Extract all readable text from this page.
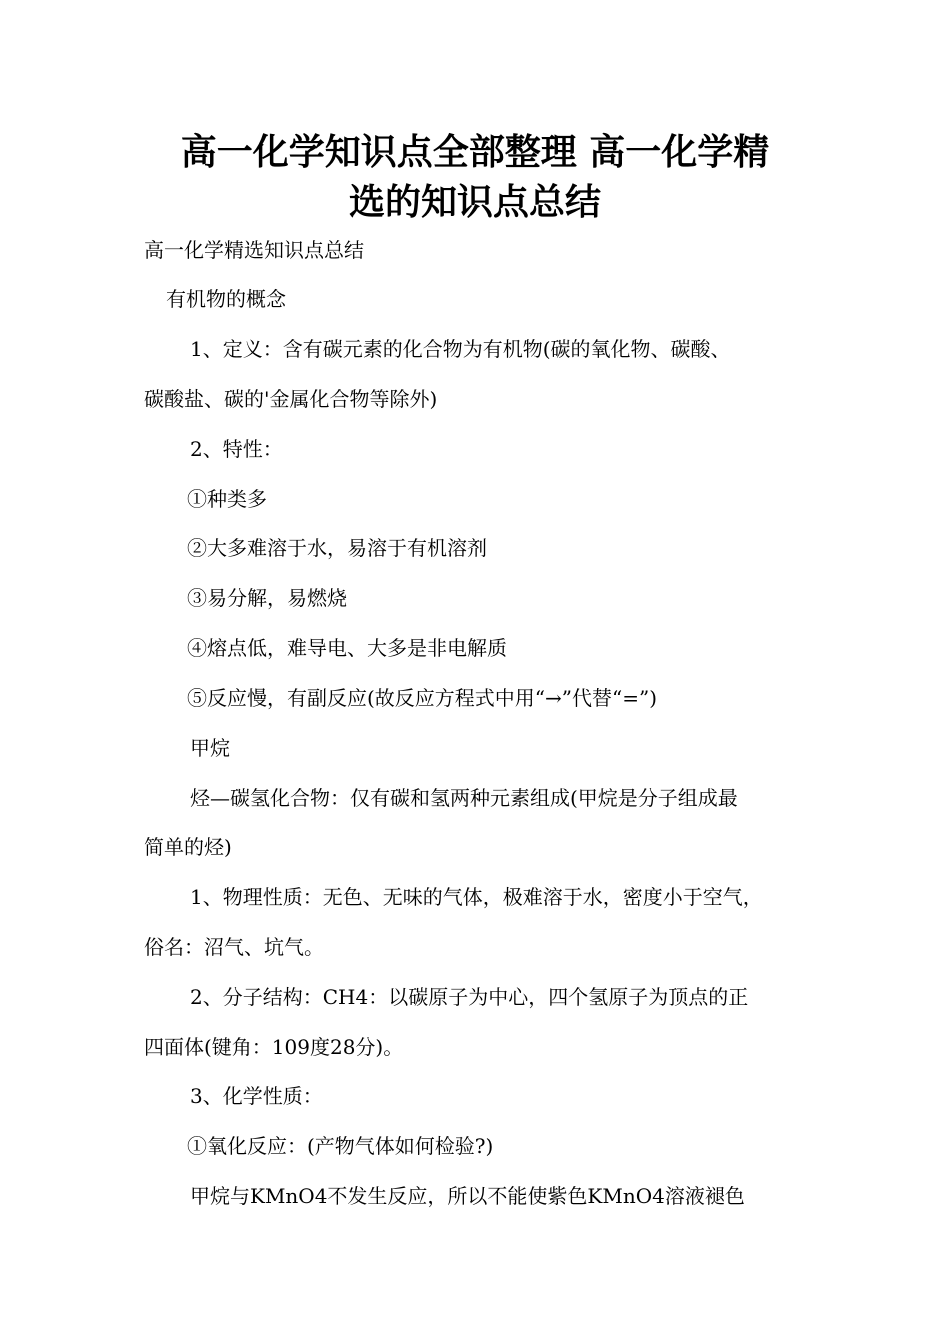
高一化学知识点全部整理 高一化学精
选的知识点总结

高一化学精选知识点总结

有机物的概念

1、定义：含有碳元素的化合物为有机物(碳的氧化物、碳酸、

碳酸盐、碳的'金属化合物等除外)

2、特性：

①种类多

②大多难溶于水，易溶于有机溶剂

③易分解，易燃烧

④熔点低，难导电、大多是非电解质

⑤反应慢，有副反应(故反应方程式中用“→”代替“=”)

甲烷

烃—碳氢化合物：仅有碳和氢两种元素组成(甲烷是分子组成最

简单的烃)

1、物理性质：无色、无味的气体，极难溶于水，密度小于空气，

俗名：沼气、坑气。

2、分子结构：CH4：以碳原子为中心，四个氢原子为顶点的正

四面体(键角：109度28分)。

3、化学性质：

①氧化反应：(产物气体如何检验?)

甲烷与KMnO4不发生反应，所以不能使紫色KMnO4溶液褪色
